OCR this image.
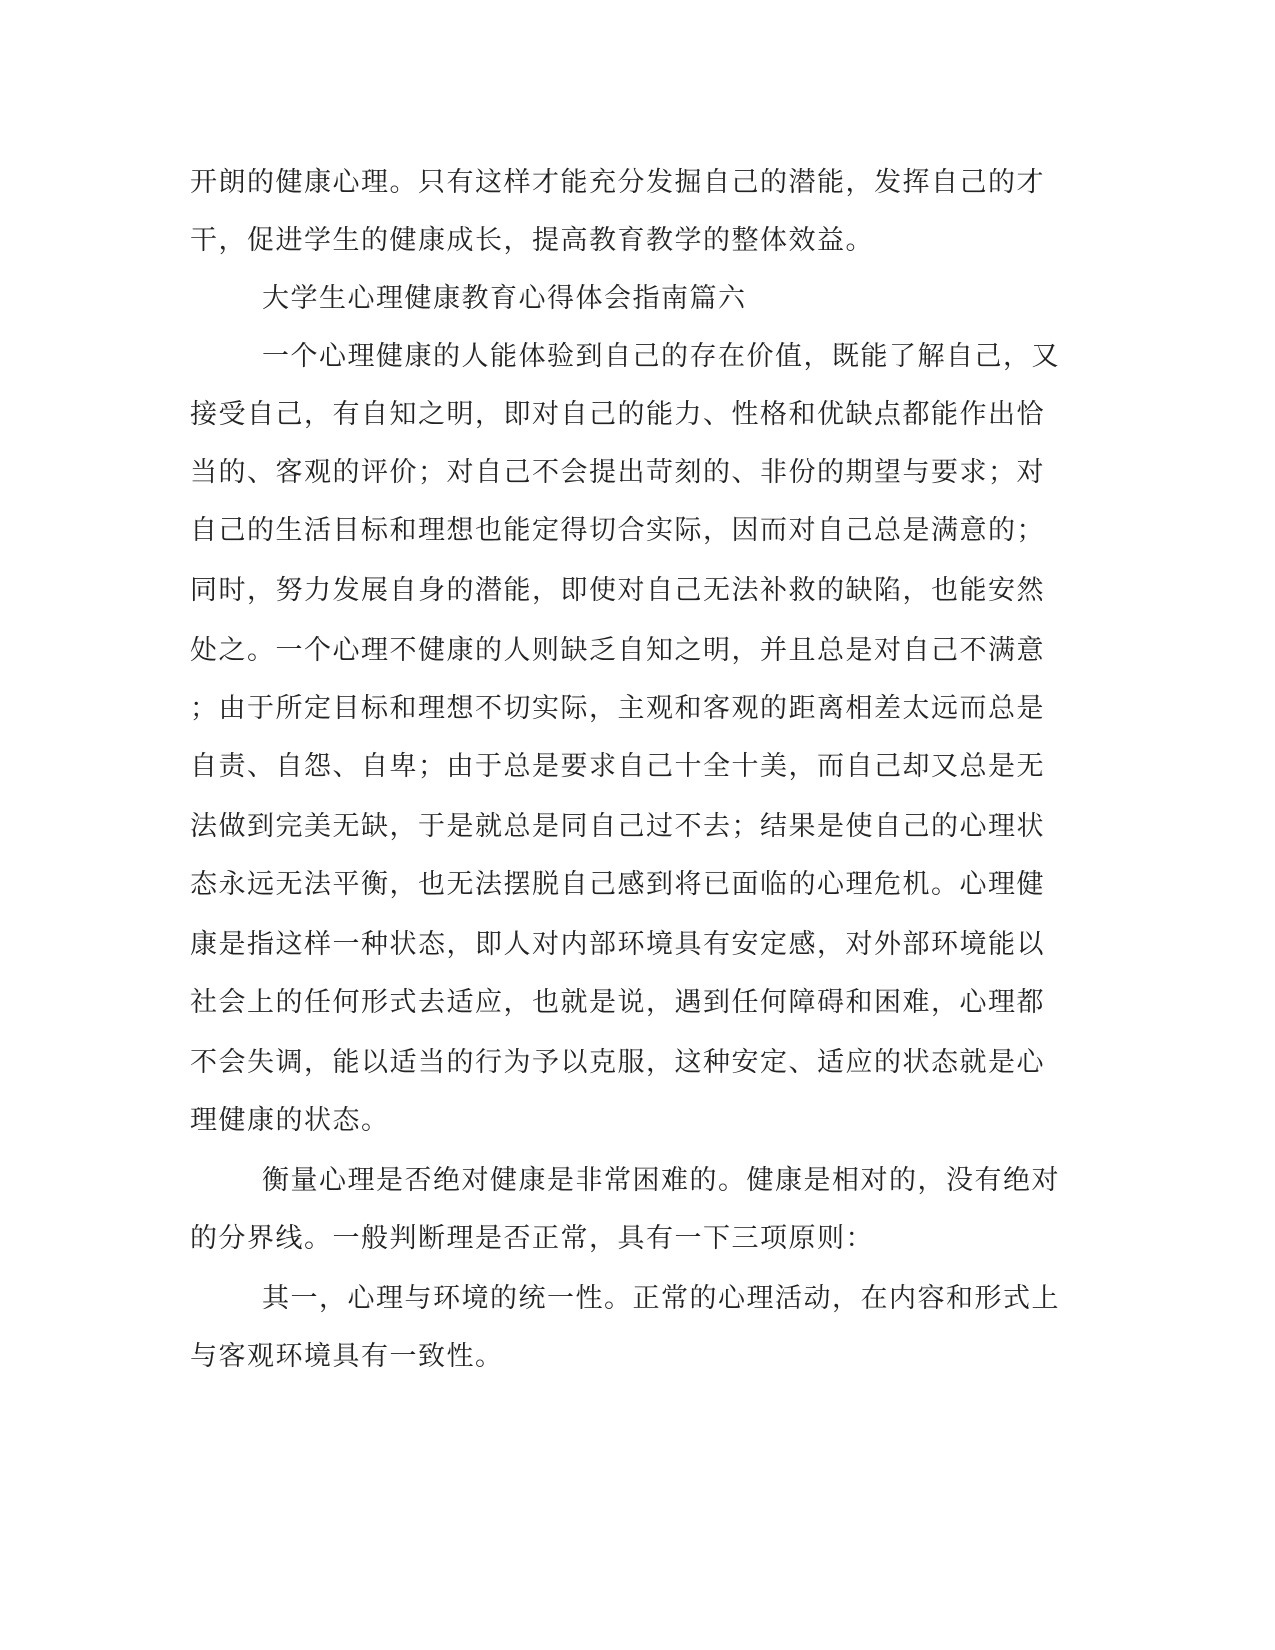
开朗的健康心理。只有这样才能充分发掘自己的潜能，发挥自己的才

干，促进学生的健康成长，提高教育教学的整体效益。

大学生心理健康教育心得体会指南篇六

一个心理健康的人能体验到自己的存在价值，既能了解自己，又

接受自己，有自知之明，即对自己的能力、性格和优缺点都能作出恰

当的、客观的评价；对自己不会提出苛刻的、非份的期望与要求；对

自己的生活目标和理想也能定得切合实际，因而对自己总是满意的；

同时，努力发展自身的潜能，即使对自己无法补救的缺陷，也能安然

处之。一个心理不健康的人则缺乏自知之明，并且总是对自己不满意

；由于所定目标和理想不切实际，主观和客观的距离相差太远而总是

自责、自怨、自卑；由于总是要求自己十全十美，而自己却又总是无

法做到完美无缺，于是就总是同自己过不去；结果是使自己的心理状

态永远无法平衡，也无法摆脱自己感到将已面临的心理危机。心理健

康是指这样一种状态，即人对内部环境具有安定感，对外部环境能以

社会上的任何形式去适应，也就是说，遇到任何障碍和困难，心理都

不会失调，能以适当的行为予以克服，这种安定、适应的状态就是心

理健康的状态。

衡量心理是否绝对健康是非常困难的。健康是相对的，没有绝对

的分界线。一般判断理是否正常，具有一下三项原则：

其一，心理与环境的统一性。正常的心理活动，在内容和形式上

与客观环境具有一致性。
